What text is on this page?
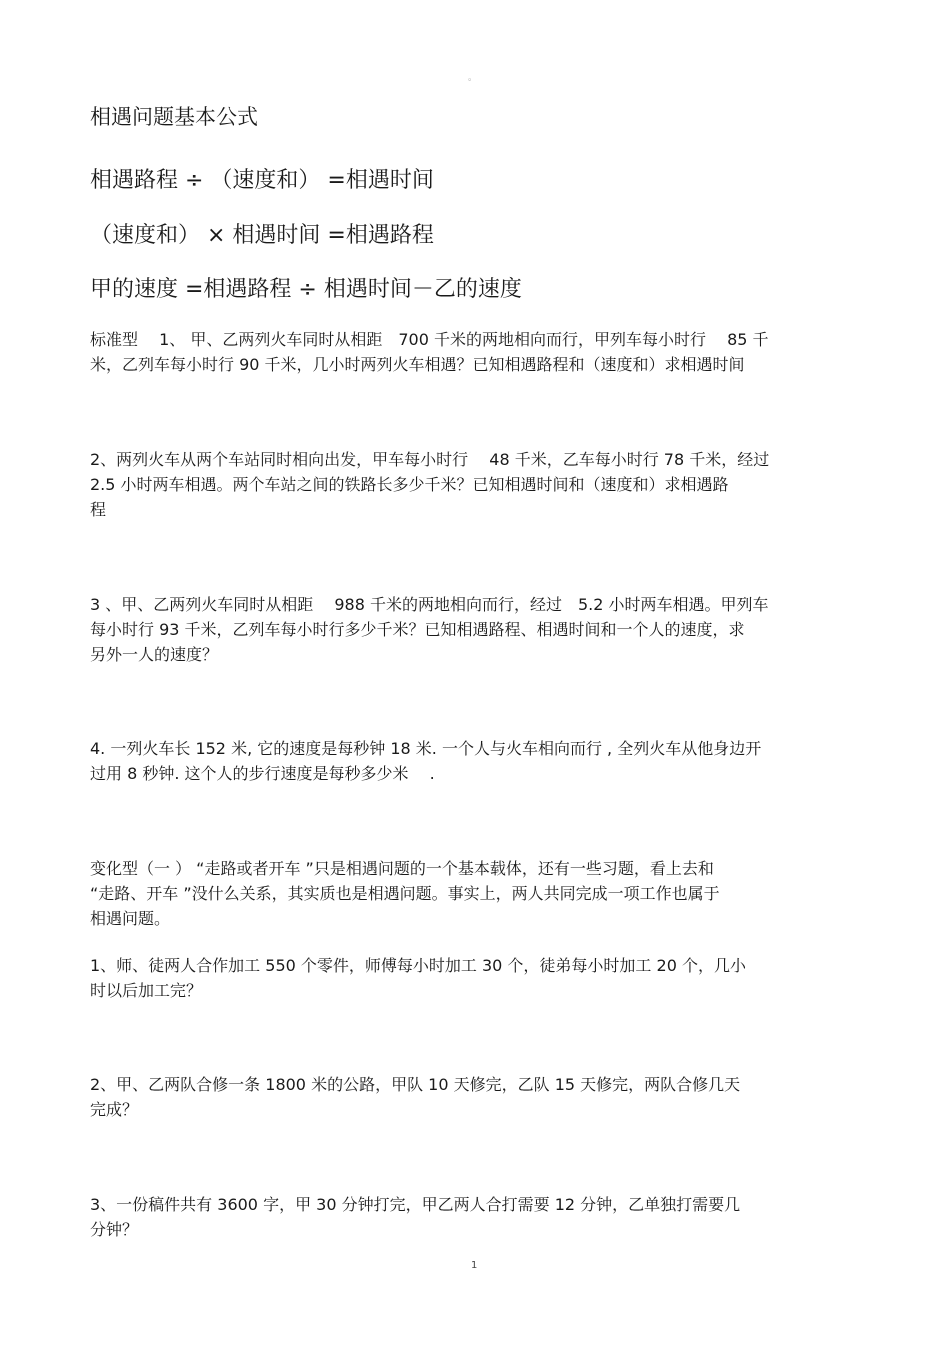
。
相遇问题基本公式
相遇路程 ÷ （速度和） =相遇时间
（速度和） × 相遇时间 =相遇路程
甲的速度 =相遇路程 ÷ 相遇时间－乙的速度

标准型　 1、 甲、乙两列火车同时从相距　700 千米的两地相向而行，甲列车每小时行　 85 千

米，乙列车每小时行 90 千米，几小时两列火车相遇？已知相遇路程和（速度和）求相遇时间

2、两列火车从两个车站同时相向出发，甲车每小时行　 48 千米，乙车每小时行 78 千米，经过

2.5 小时两车相遇。两个车站之间的铁路长多少千米？已知相遇时间和（速度和）求相遇路

程

3 、甲、乙两列火车同时从相距　 988 千米的两地相向而行，经过　5.2 小时两车相遇。甲列车

每小时行 93 千米，乙列车每小时行多少千米？已知相遇路程、相遇时间和一个人的速度，求

另外一人的速度？

4. 一列火车长 152 米, 它的速度是每秒钟 18 米. 一个人与火车相向而行 , 全列火车从他身边开

过用 8 秒钟. 这个人的步行速度是每秒多少米　 .

变化型（一 ） “走路或者开车 ”只是相遇问题的一个基本载体，还有一些习题，看上去和

“走路、开车 ”没什么关系，其实质也是相遇问题。事实上，两人共同完成一项工作也属于

相遇问题。

1、师、徒两人合作加工 550 个零件，师傅每小时加工 30 个，徒弟每小时加工 20 个，几小

时以后加工完？

2、甲、乙两队合修一条 1800 米的公路，甲队 10 天修完，乙队 15 天修完，两队合修几天

完成？

3、一份稿件共有 3600 字，甲 30 分钟打完，甲乙两人合打需要 12 分钟，乙单独打需要几

分钟？

1
